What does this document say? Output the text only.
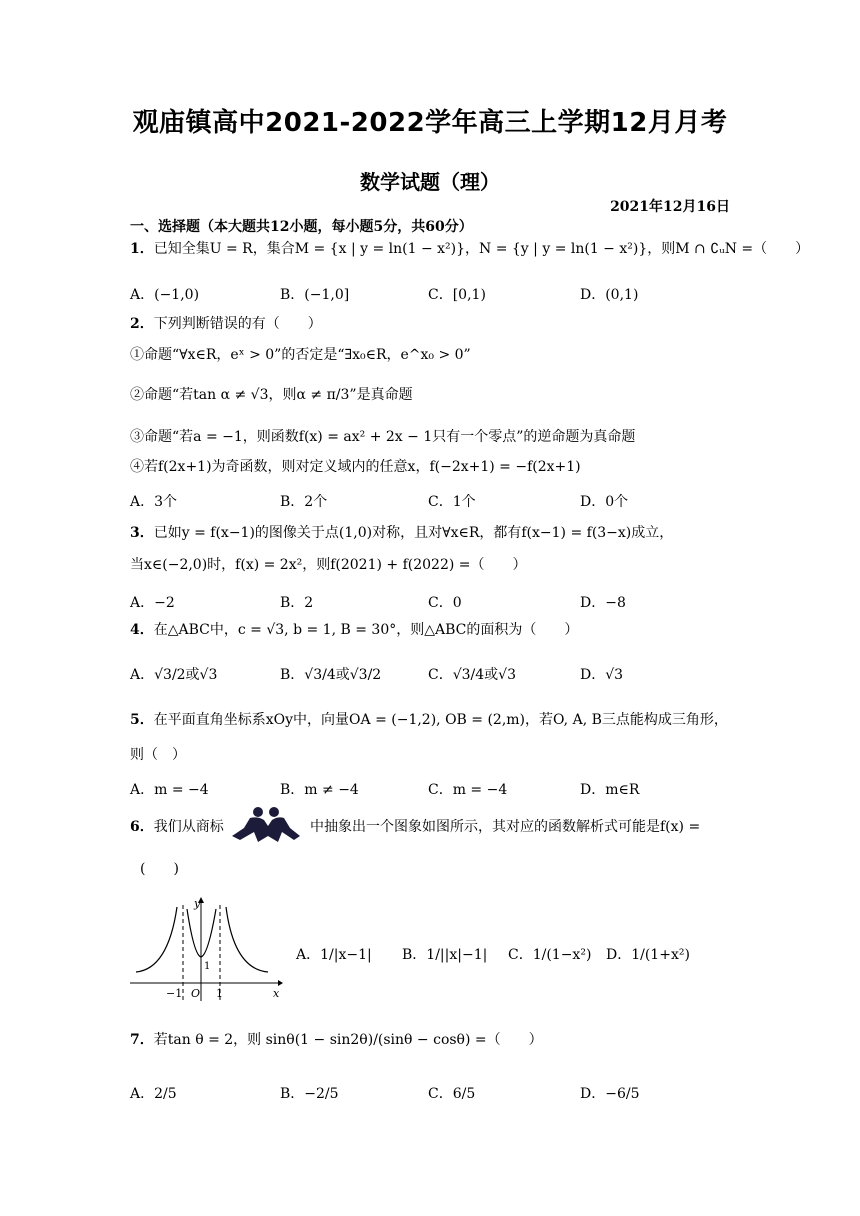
观庙镇高中2021-2022学年高三上学期12月月考
数学试题（理）
2021年12月16日
一、选择题（本大题共12小题，每小题5分，共60分）
1．已知全集U = R，集合M = {x | y = ln(1 − x²)}，N = {y | y = ln(1 − x²)}，则M ∩ ∁ᵤN =（　　）
A．(−1,0)	B．(−1,0]	C．[0,1)	D．(0,1)
2．下列判断错误的有（　　）
①命题“∀x∈R，eˣ > 0”的否定是“∃x₀∈R，e^x₀ > 0”
②命题“若tan α ≠ √3，则α ≠ π/3”是真命题
③命题“若a = −1，则函数f(x) = ax² + 2x − 1只有一个零点”的逆命题为真命题
④若f(2x+1)为奇函数，则对定义域内的任意x，f(−2x+1) = −f(2x+1)
A．3个	B．2个	C．1个	D．0个
3．已如y = f(x−1)的图像关于点(1,0)对称，且对∀x∈R，都有f(x−1) = f(3−x)成立，
当x∈(−2,0)时，f(x) = 2x²，则f(2021) + f(2022) =（　　）
A．−2	B．2	C．0	D．−8
4．在△ABC中，c = √3, b = 1, B = 30°，则△ABC的面积为（　　）
A．√3/2或√3	B．√3/4或√3/2	C．√3/4或√3	D．√3
5．在平面直角坐标系xOy中，向量OA = (−1,2), OB = (2,m)，若O, A, B三点能构成三角形，
则（　）
A．m = −4	B．m ≠ −4	C．m = −4	D．m∈R
6．我们从商标	中抽象出一个图象如图所示，其对应的函数解析式可能是f(x) =
(　　)
y
x
O
−1	1
1
A．1/|x−1| B．1/||x|−1| C．1/(1−x²) D．1/(1+x²)
7．若tan θ = 2，则 sinθ(1 − sin2θ)/(sinθ − cosθ) =（　　）
A．2/5	B．−2/5	C．6/5	D．−6/5
